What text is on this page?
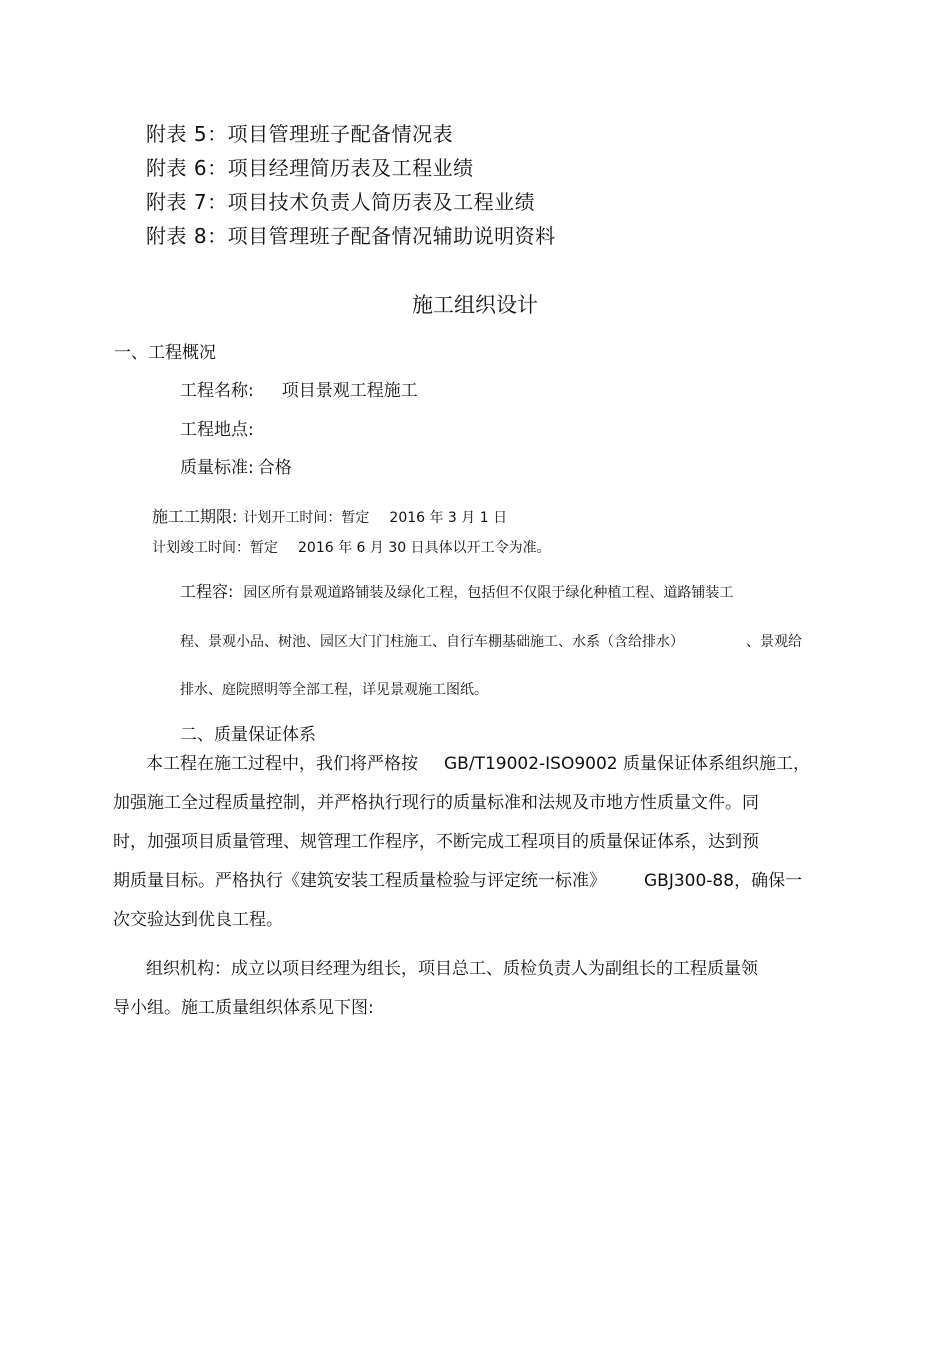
附表 5：项目管理班子配备情况表
附表 6：项目经理简历表及工程业绩
附表 7：项目技术负责人简历表及工程业绩
附表 8：项目管理班子配备情况辅助说明资料
施工组织设计
一、工程概况
工程名称: 项目景观工程施工
工程地点:
质量标准: 合格
施工工期限: 计划开工时间：暂定 2016 年 3 月 1 日
计划竣工时间：暂定 2016 年 6 月 30 日具体以开工令为准。
工程容: 园区所有景观道路铺装及绿化工程，包括但不仅限于绿化种植工程、道路铺装工
程、景观小品、树池、园区大门门柱施工、自行车棚基础施工、水系（含给排水）	、景观给
排水、庭院照明等全部工程，详见景观施工图纸。
二、质量保证体系
本工程在施工过程中，我们将严格按 GB/T19002-ISO9002 质量保证体系组织施工，
加强施工全过程质量控制，并严格执行现行的质量标准和法规及市地方性质量文件。同
时，加强项目质量管理、规管理工作程序，不断完成工程项目的质量保证体系，达到预
期质量目标。严格执行《建筑安装工程质量检验与评定统一标准》 GBJ300-88，确保一
次交验达到优良工程。
组织机构：成立以项目经理为组长，项目总工、质检负责人为副组长的工程质量领
导小组。施工质量组织体系见下图:
